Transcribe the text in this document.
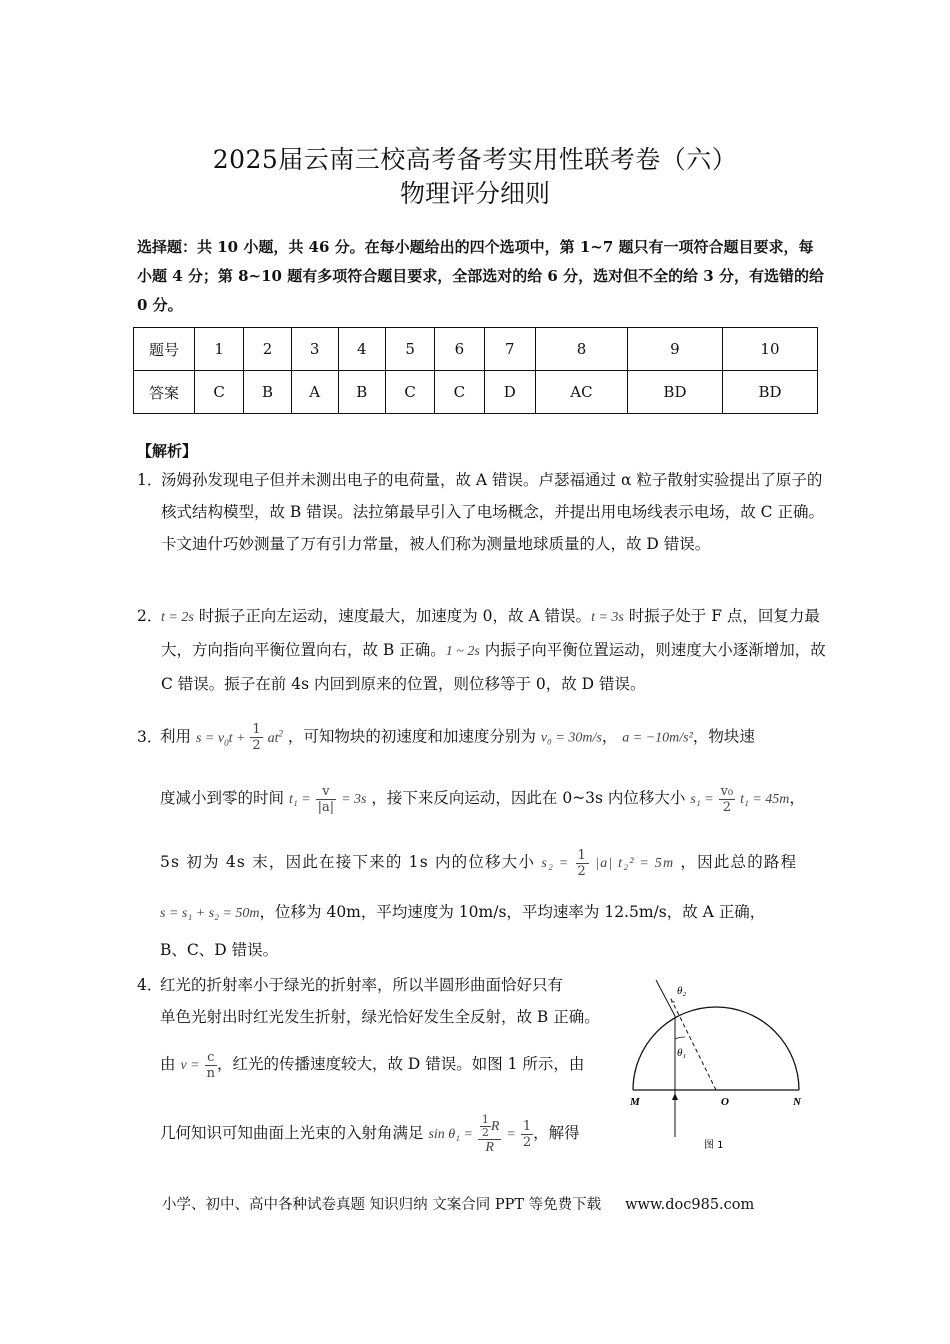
2025届云南三校高考备考实用性联考卷（六）
物理评分细则
选择题：共 10 小题，共 46 分。在每小题给出的四个选项中，第 1~7 题只有一项符合题目要求，每小题 4 分；第 8~10 题有多项符合题目要求，全部选对的给 6 分，选对但不全的给 3 分，有选错的给 0 分。
题号	1	2	3	4	5	6	7	8	9	10
答案	C	B	A	B	C	C	D	AC	BD	BD
【解析】
1．
汤姆孙发现电子但并未测出电子的电荷量，故 A 错误。卢瑟福通过 α 粒子散射实验提出了原子的核式结构模型，故 B 错误。法拉第最早引入了电场概念，并提出用电场线表示电场，故 C 正确。卡文迪什巧妙测量了万有引力常量，被人们称为测量地球质量的人，故 D 错误。
2．
t = 2s 时振子正向左运动，速度最大，加速度为 0，故 A 错误。t = 3s 时振子处于 F 点，回复力最大，方向指向平衡位置向右，故 B 正确。1 ~ 2s 内振子向平衡位置运动，则速度大小逐渐增加，故 C 错误。振子在前 4s 内回到原来的位置，则位移等于 0，故 D 错误。
3．
利用 $s = v_0t + \frac{1}{2} at^2$ ，可知物块的初速度和加速度分别为 v₀ = 30m/s， a = −10m/s²，物块速
度减小到零的时间 $t_1 = \frac{v}{|a|} = 3s$ ，接下来反向运动，因此在 0~3s 内位移大小 $s_1 = \frac{\text{v₀}}{2} t_1 = 45m$，
5s 初为 4s 末，因此在接下来的 1s 内的位移大小 $s_2 = \frac{1}{2} |a|$ t₂² = 5m ，因此总的路程
s = s₁ + s₂ = 50m，位移为 40m，平均速度为 10m/s，平均速率为 12.5m/s，故 A 正确，
B、C、D 错误。
4．
红光的折射率小于绿光的折射率，所以半圆形曲面恰好只有
单色光射出时红光发生折射，绿光恰好发生全反射，故 B 正确。
由 $v = \frac{c}{n}$ ，红光的传播速度较大，故 D 错误。如图 1 所示，由
几何知识可知曲面上光束的入射角满足 $\sin \theta_1 = \frac{\frac{1}{2} R}{R} = \frac{1}{2}$ ，解得
θ₁
θ₂
M	O	N
图 1
小学、初中、高中各种试卷真题 知识归纳 文案合同 PPT 等免费下载 www.doc985.com
